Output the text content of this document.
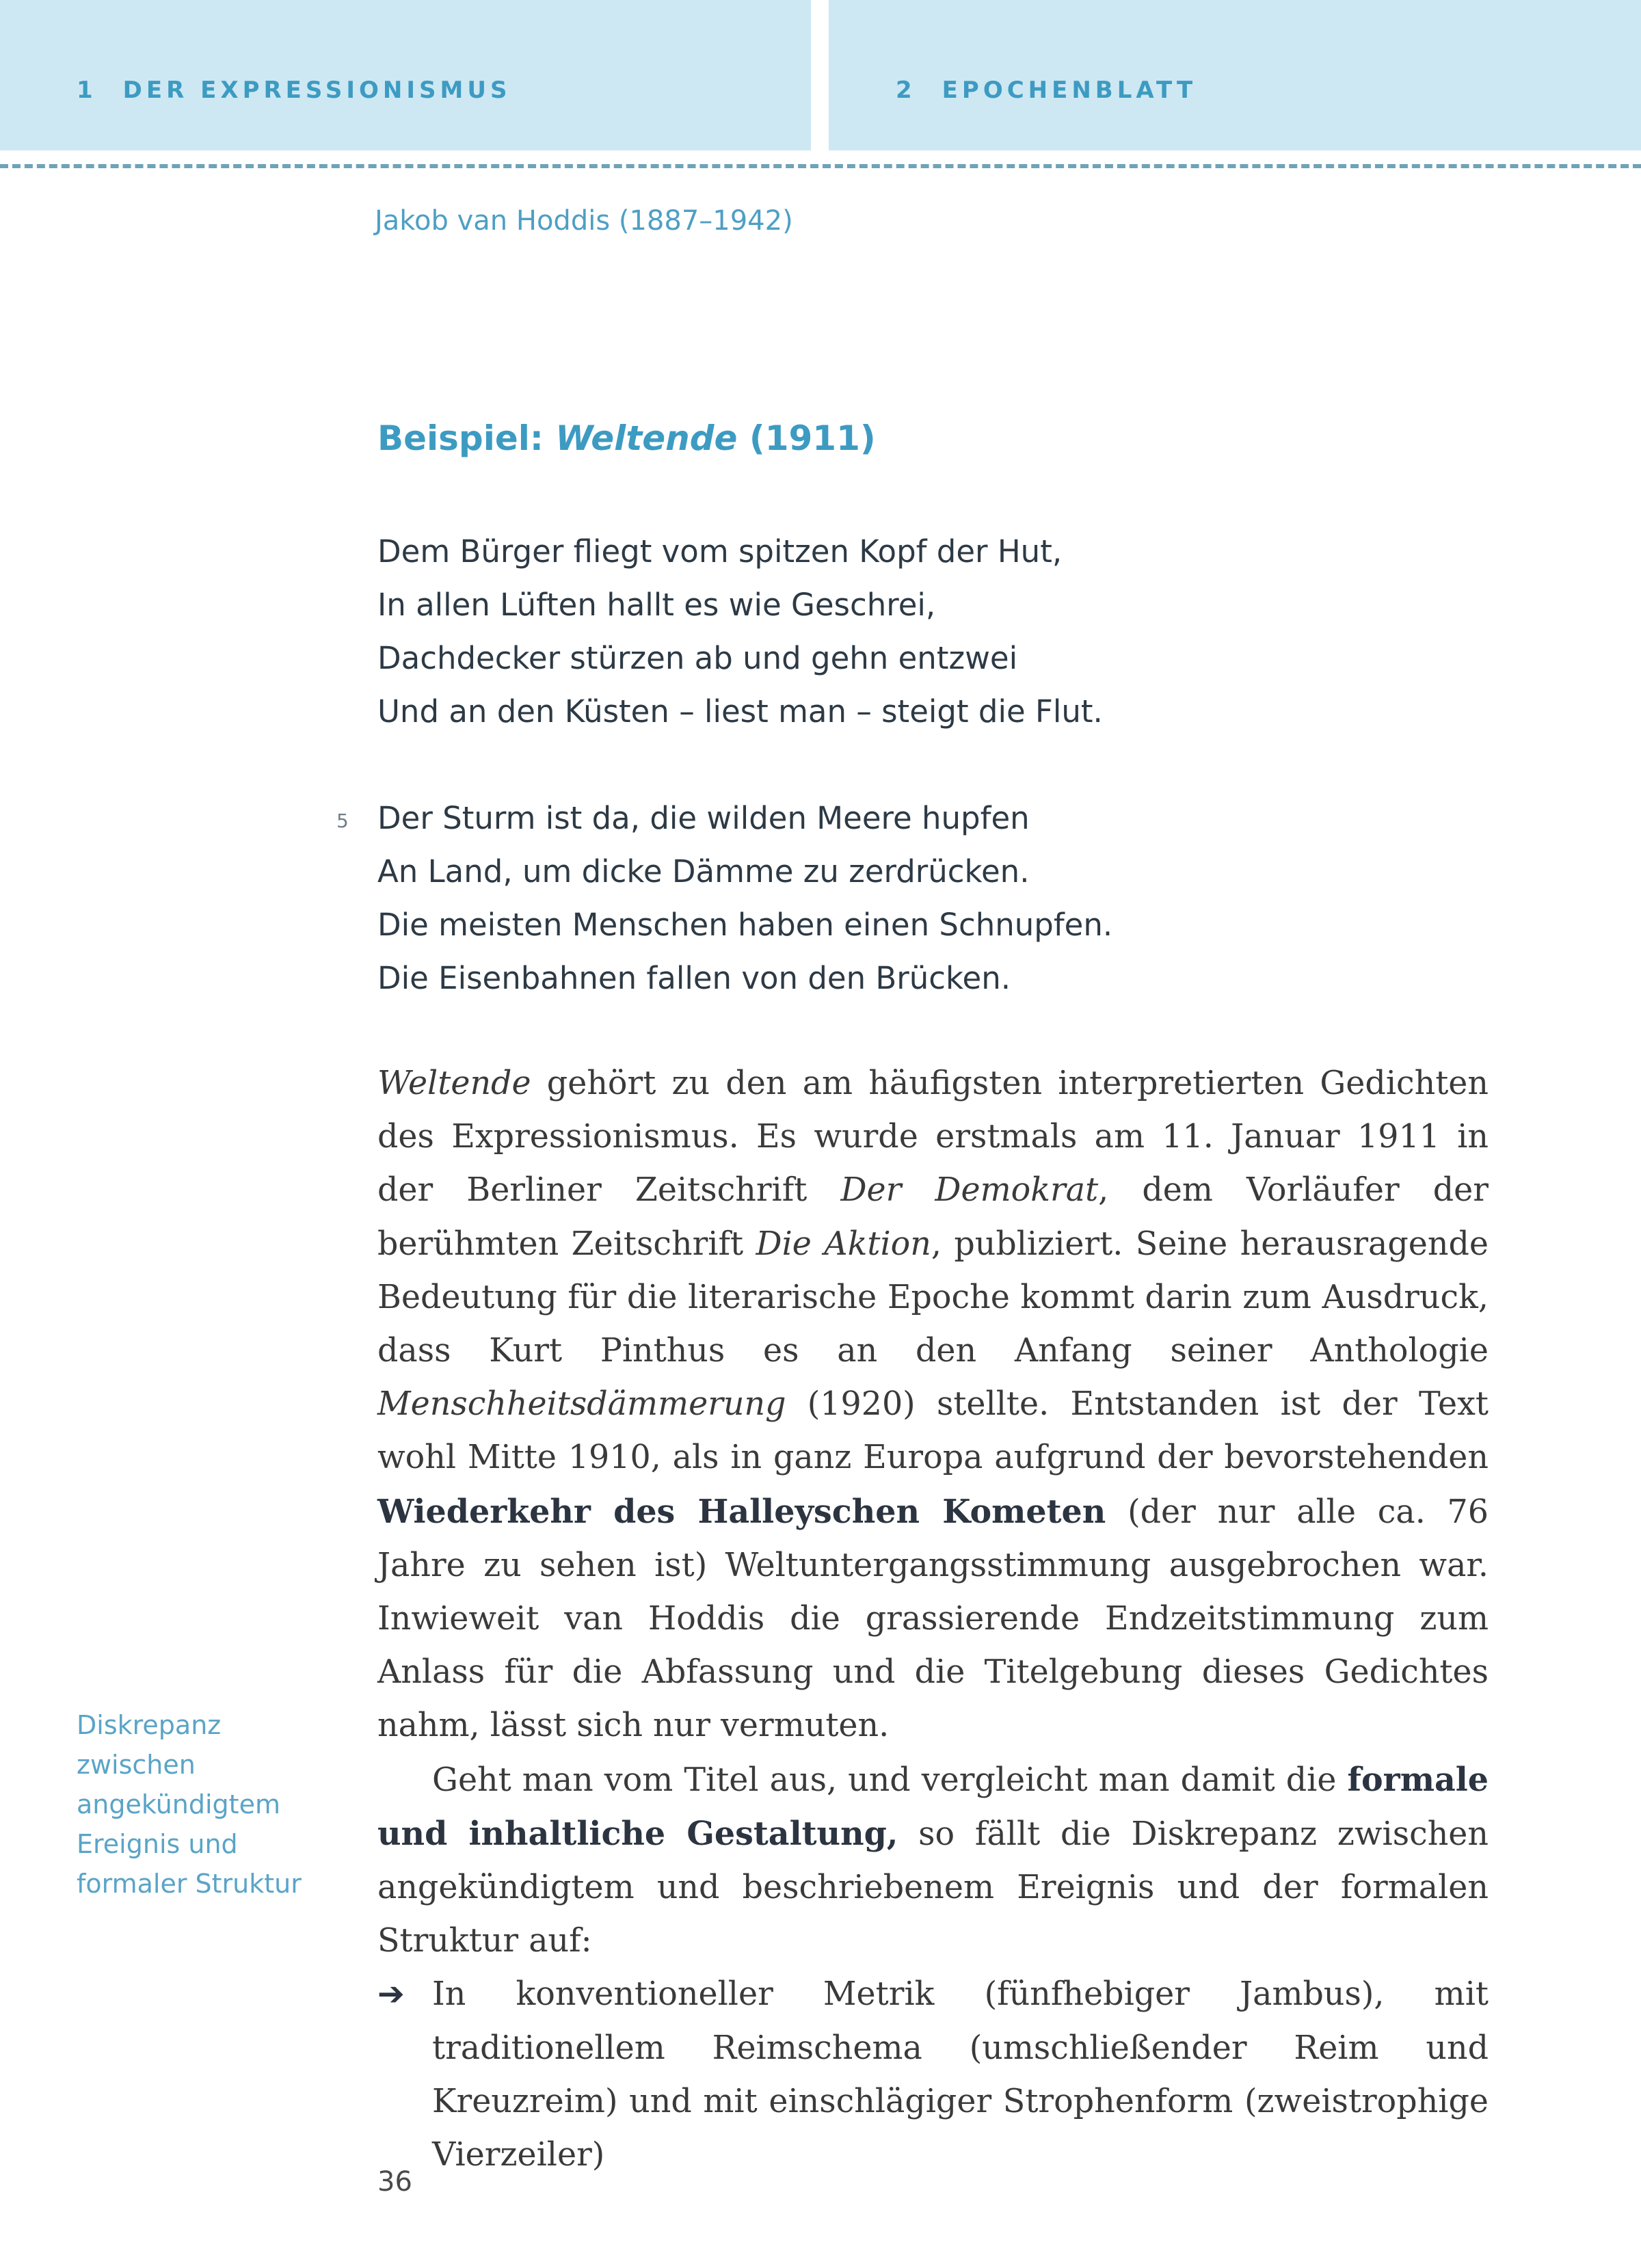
1 DER EXPRESSIONISMUS	2 EPOCHENBLATT
Jakob van Hoddis (1887–1942)
Beispiel: Weltende (1911)
Dem Bürger fliegt vom spitzen Kopf der Hut,
In allen Lüften hallt es wie Geschrei,
Dachdecker stürzen ab und gehn entzwei
Und an den Küsten – liest man – steigt die Flut.
5 Der Sturm ist da, die wilden Meere hupfen
An Land, um dicke Dämme zu zerdrücken.
Die meisten Menschen haben einen Schnupfen.
Die Eisenbahnen fallen von den Brücken.

Weltende gehört zu den am häufigsten interpretierten Gedichten des Expressionismus. Es wurde erstmals am 11. Januar 1911 in der Berliner Zeitschrift Der Demokrat, dem Vorläufer der berühmten Zeitschrift Die Aktion, publiziert. Seine herausragende Bedeutung für die literarische Epoche kommt darin zum Ausdruck, dass Kurt Pinthus es an den Anfang seiner Anthologie Menschheitsdämmerung (1920) stellte. Entstanden ist der Text wohl Mitte 1910, als in ganz Europa aufgrund der bevorstehenden Wiederkehr des Halleyschen Kometen (der nur alle ca. 76 Jahre zu sehen ist) Weltuntergangsstimmung ausgebrochen war. Inwieweit van Hoddis die grassierende Endzeitstimmung zum Anlass für die Abfassung und die Titelgebung dieses Gedichtes nahm, lässt sich nur vermuten.

Geht man vom Titel aus, und vergleicht man damit die formale und inhaltliche Gestaltung, so fällt die Diskrepanz zwischen angekündigtem und beschriebenem Ereignis und der formalen Struktur auf:

➔ In konventioneller Metrik (fünfhebiger Jambus), mit traditionellem Reimschema (umschließender Reim und Kreuzreim) und mit einschlägiger Strophenform (zweistrophige Vierzeiler)

Diskrepanz
zwischen
angekündigtem
Ereignis und
formaler Struktur
36
